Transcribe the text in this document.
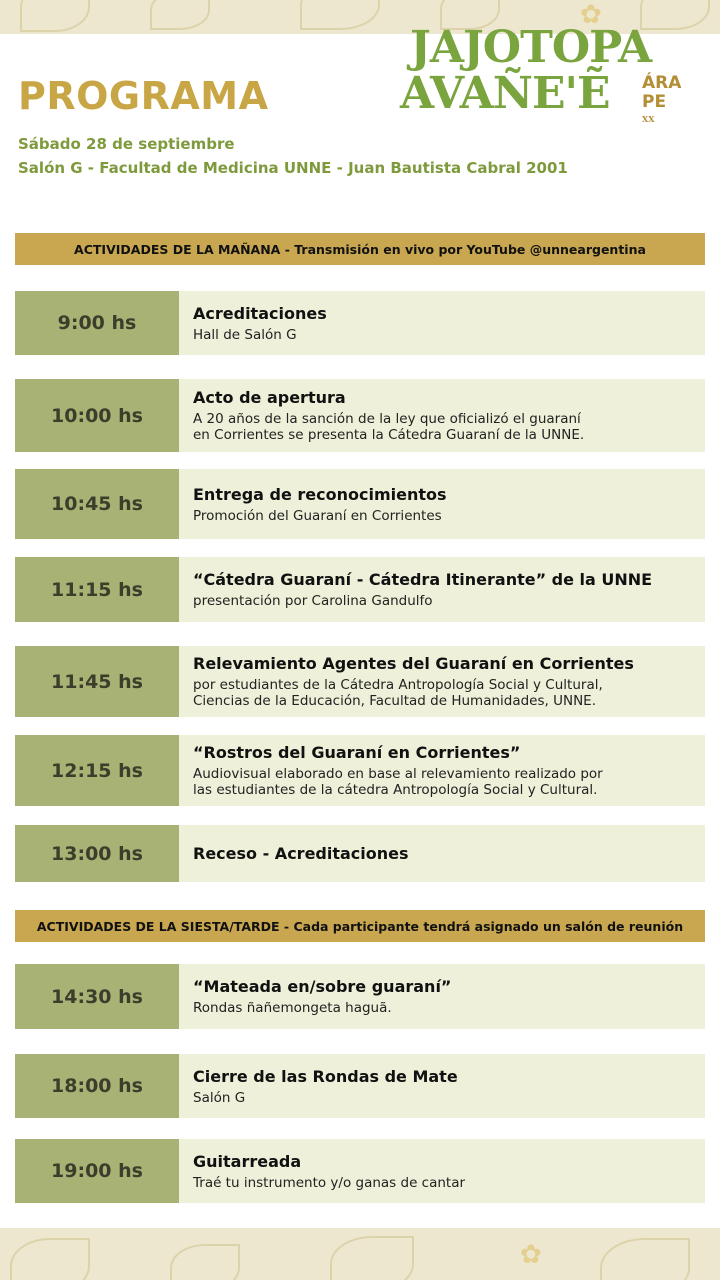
✿
PROGRAMA
JAJOTOPA
AVAÑE'Ẽ ÁRA PE
XX
Sábado 28 de septiembre
Salón G - Facultad de Medicina UNNE - Juan Bautista Cabral 2001
ACTIVIDADES DE LA MAÑANA - Transmisión en vivo por YouTube @unneargentina
9:00 hs	Acreditaciones
Hall de Salón G
10:00 hs
Acto de apertura
A 20 años de la sanción de la ley que oficializó el guaraní
en Corrientes se presenta la Cátedra Guaraní de la UNNE.
10:45 hs	Entrega de reconocimientos
Promoción del Guaraní en Corrientes
11:15 hs	“Cátedra Guaraní - Cátedra Itinerante” de la UNNE
presentación por Carolina Gandulfo
11:45 hs
Relevamiento Agentes del Guaraní en Corrientes
por estudiantes de la Cátedra Antropología Social y Cultural,
Ciencias de la Educación, Facultad de Humanidades, UNNE.
12:15 hs
“Rostros del Guaraní en Corrientes”
Audiovisual elaborado en base al relevamiento realizado por
las estudiantes de la cátedra Antropología Social y Cultural.
13:00 hs	Receso - Acreditaciones
ACTIVIDADES DE LA SIESTA/TARDE - Cada participante tendrá asignado un salón de reunión
14:30 hs	“Mateada en/sobre guaraní”
Rondas ñañemongeta haguã.
18:00 hs	Cierre de las Rondas de Mate
Salón G
19:00 hs	Guitarreada
Traé tu instrumento y/o ganas de cantar
✿
